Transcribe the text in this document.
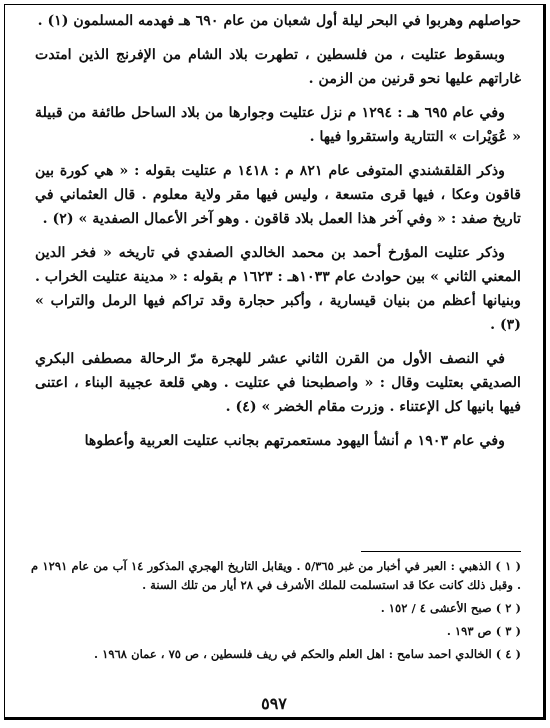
حواصلهم وهربوا في البحر ليلة أول شعبان من عام ٦٩٠ هـ فهدمه المسلمون (١) .

وبسقوط عتليت ، من فلسطين ، تطهرت بلاد الشام من الإفرنج الذين امتدت غاراتهم عليها نحو قرنين من الزمن .

وفي عام ٦٩٥ هـ : ١٢٩٤ م نزل عتليت وجوارها من بلاد الساحل طائفة من قبيلة « عُوَيْرات » التتارية واستقروا فيها .

وذكر القلقشندي المتوفى عام ٨٢١ م : ١٤١٨ م عتليت بقوله : « هي كورة بين قاقون وعكا ، فيها قرى متسعة ، وليس فيها مقر ولاية معلوم . قال العثماني في تاريخ صفد : « وفي آخر هذا العمل بلاد قاقون . وهو آخر الأعمال الصفدية » (٢) .

وذكر عتليت المؤرخ أحمد بن محمد الخالدي الصفدي في تاريخه « فخر الدين المعني الثاني » بين حوادث عام ١٠٣٣هـ : ١٦٢٣ م بقوله : « مدينة عتليت الخراب . وبنيانها أعظم من بنيان قيسارية ، وأكبر حجارة وقد تراكم فيها الرمل والتراب » (٣) .

في النصف الأول من القرن الثاني عشر للهجرة مرّ الرحالة مصطفى البكري الصديقي بعتليت وقال : « واصطبحنا في عتليت . وهي قلعة عجيبة البناء ، اعتنى فيها بانيها كل الإعتناء . وزرت مقام الخضر » (٤) .

وفي عام ١٩٠٣ م أنشأ اليهود مستعمرتهم بجانب عتليت العربية وأعطوها

( ١ ) الذهبي : العبر في أخبار من غبر ٥/٣٦٥ . ويقابل التاريخ الهجري المذكور ١٤ آب من عام ١٢٩١ م . وقبل ذلك كانت عكا قد استسلمت للملك الأشرف في ٢٨ أيار من تلك السنة .

( ٢ ) صبح الأعشى ٤ / ١٥٢ .

( ٣ ) ص ١٩٣ .

( ٤ ) الخالدي احمد سامح : اهل العلم والحكم في ريف فلسطين ، ص ٧٥ ، عمان ١٩٦٨ .

٥٩٧
